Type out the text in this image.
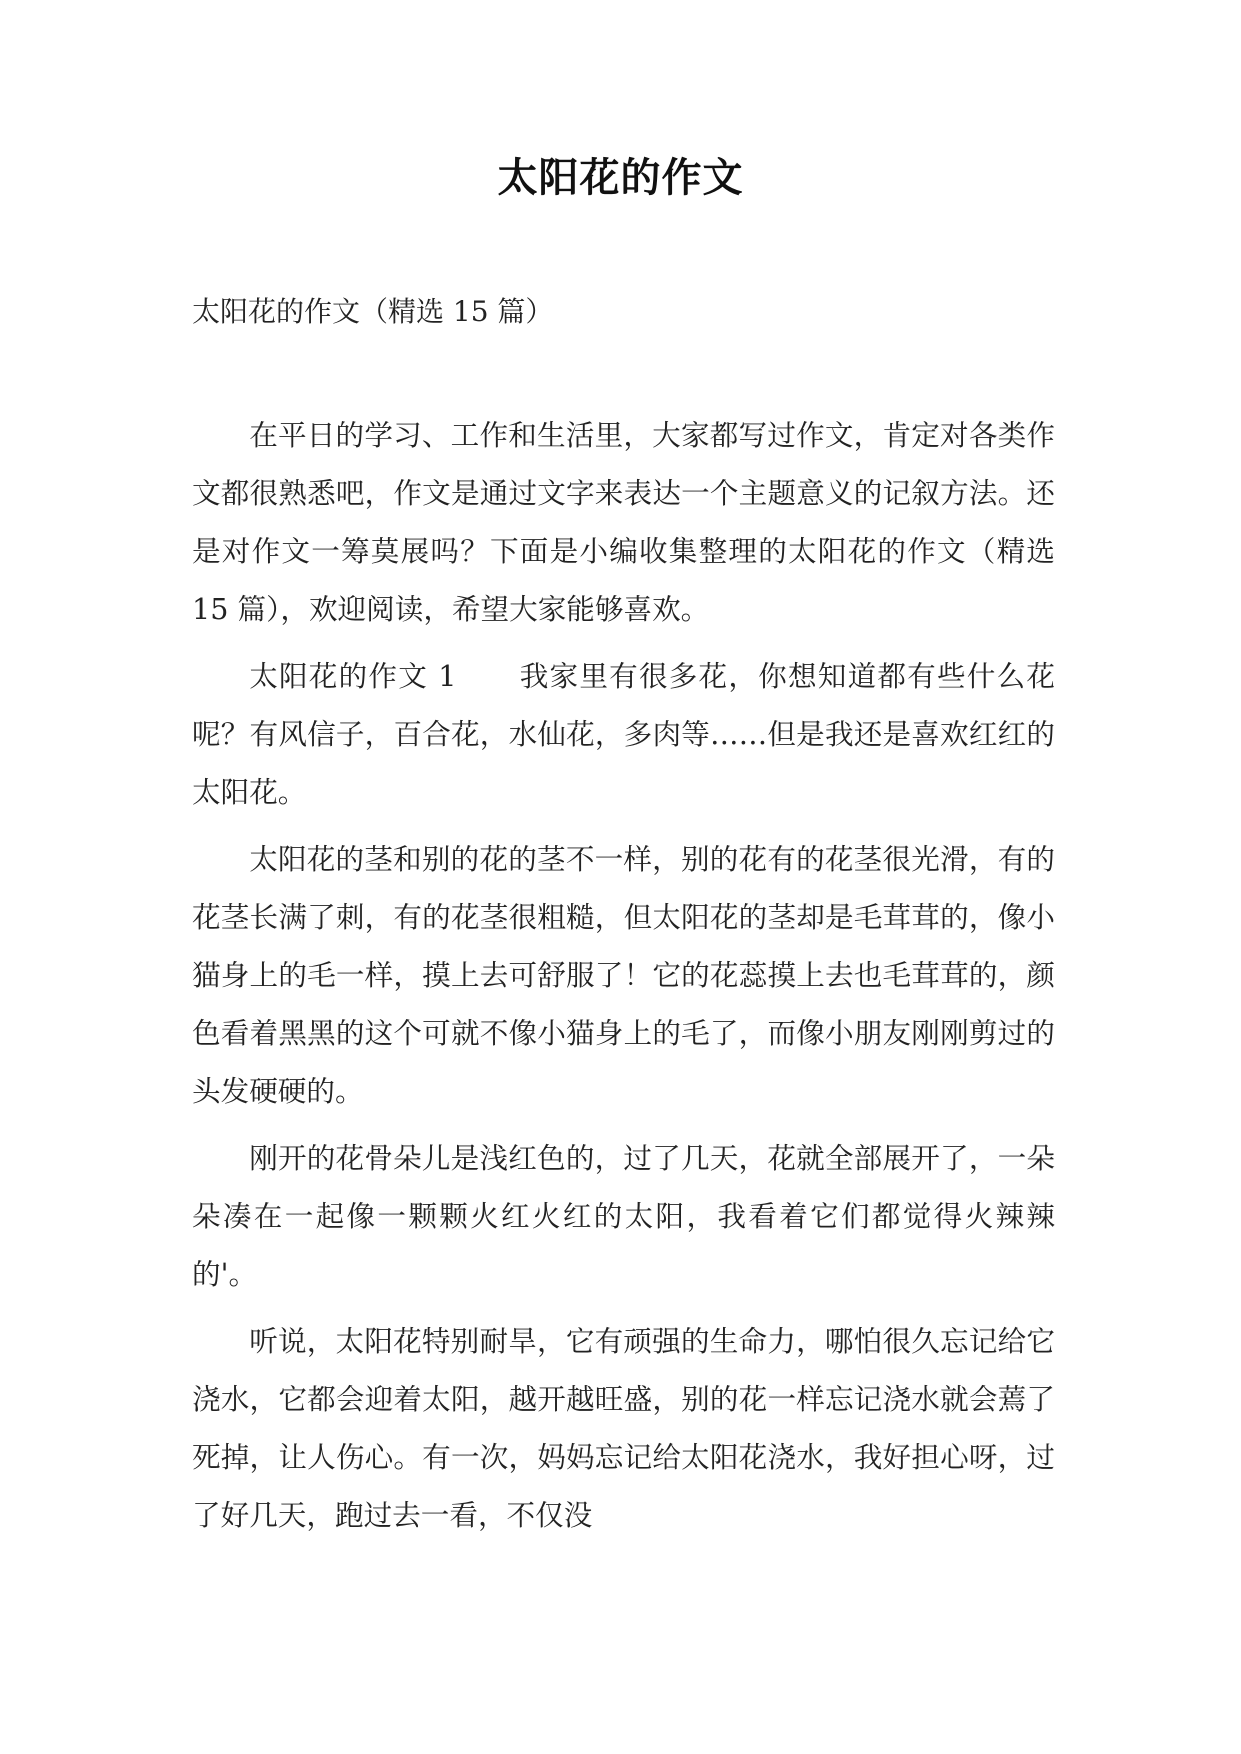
太阳花的作文

太阳花的作文（精选 15 篇）

在平日的学习、工作和生活里，大家都写过作文，肯定对各类作文都很熟悉吧，作文是通过文字来表达一个主题意义的记叙方法。还是对作文一筹莫展吗？下面是小编收集整理的太阳花的作文（精选 15 篇），欢迎阅读，希望大家能够喜欢。

太阳花的作文 1 我家里有很多花，你想知道都有些什么花呢？有风信子，百合花，水仙花，多肉等……但是我还是喜欢红红的太阳花。

太阳花的茎和别的花的茎不一样，别的花有的花茎很光滑，有的花茎长满了刺，有的花茎很粗糙，但太阳花的茎却是毛茸茸的，像小猫身上的毛一样，摸上去可舒服了！它的花蕊摸上去也毛茸茸的，颜色看着黑黑的这个可就不像小猫身上的毛了，而像小朋友刚刚剪过的头发硬硬的。

刚开的花骨朵儿是浅红色的，过了几天，花就全部展开了，一朵朵凑在一起像一颗颗火红火红的太阳，我看着它们都觉得火辣辣的'。

听说，太阳花特别耐旱，它有顽强的生命力，哪怕很久忘记给它浇水，它都会迎着太阳，越开越旺盛，别的花一样忘记浇水就会蔫了死掉，让人伤心。有一次，妈妈忘记给太阳花浇水，我好担心呀，过了好几天，跑过去一看，不仅没
